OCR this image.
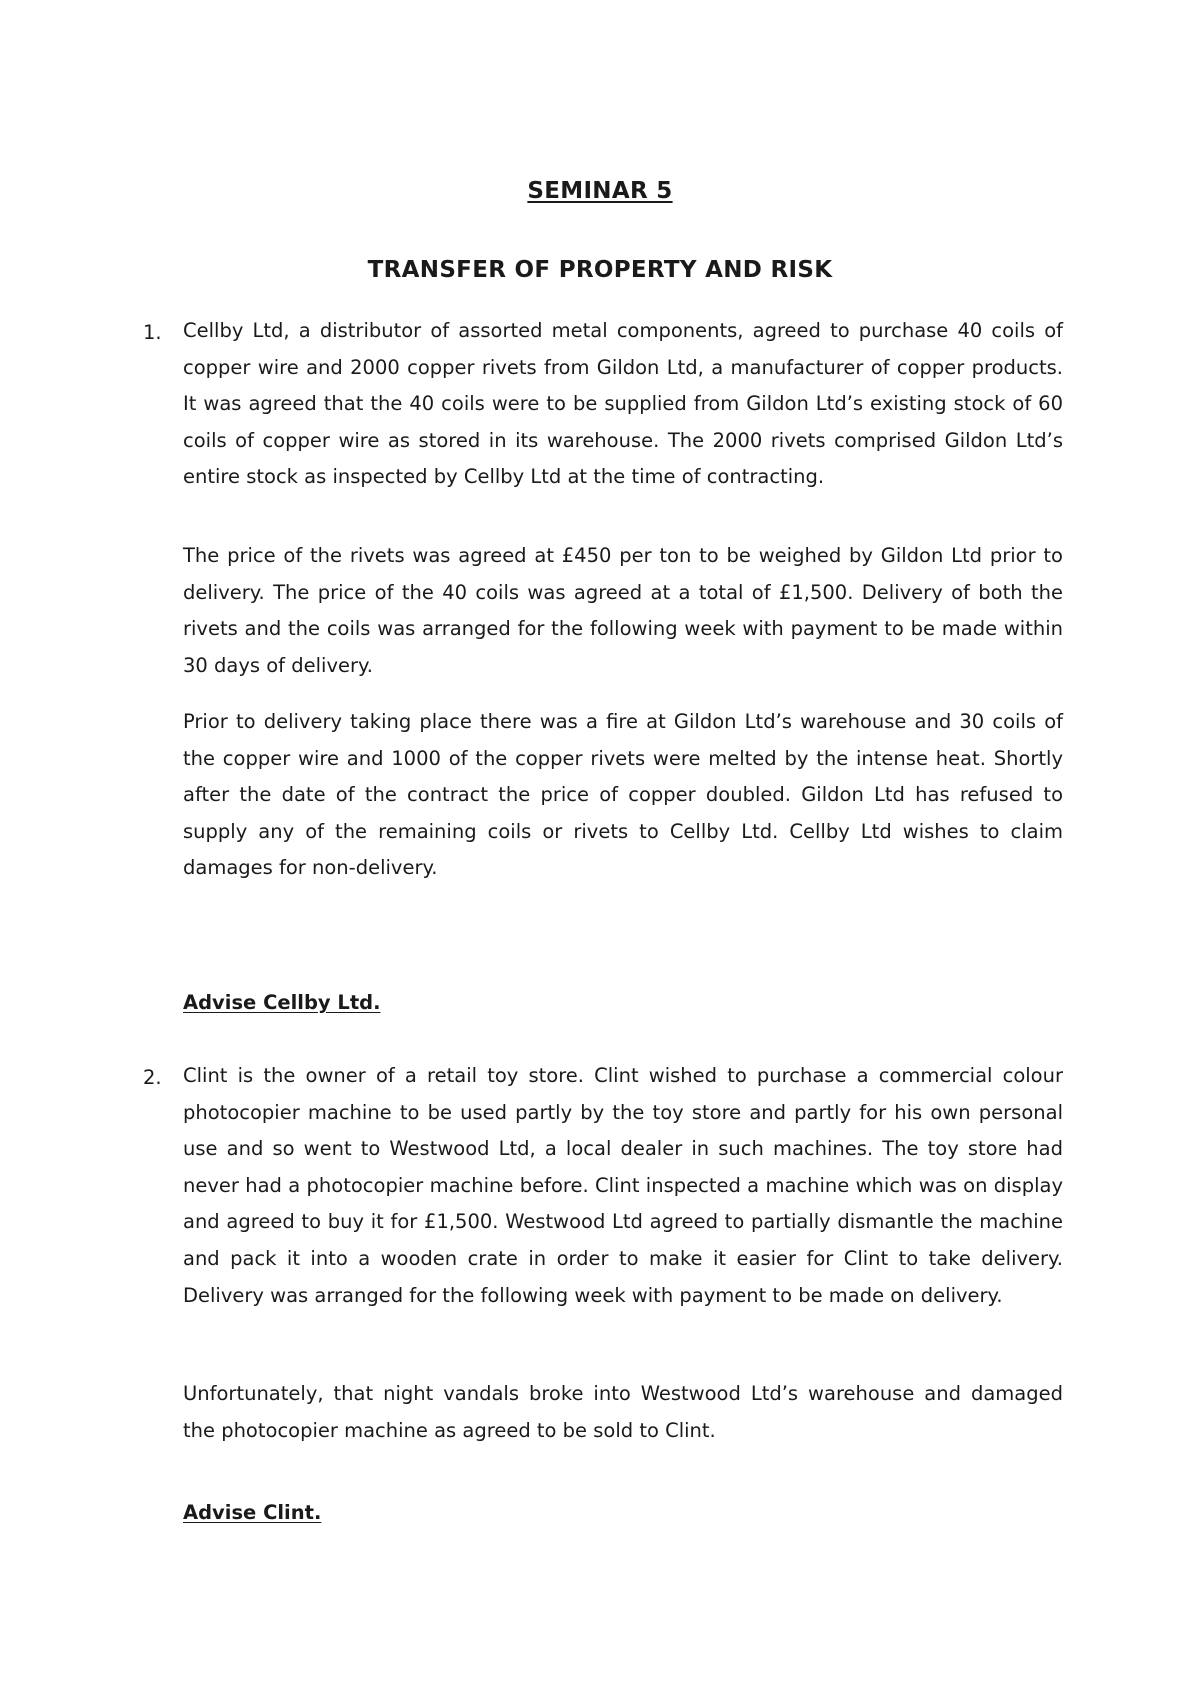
SEMINAR 5
TRANSFER OF PROPERTY AND RISK
1. Cellby Ltd, a distributor of assorted metal components, agreed to purchase 40 coils of copper wire and 2000 copper rivets from Gildon Ltd, a manufacturer of copper products. It was agreed that the 40 coils were to be supplied from Gildon Ltd’s existing stock of 60 coils of copper wire as stored in its warehouse. The 2000 rivets comprised Gildon Ltd’s entire stock as inspected by Cellby Ltd at the time of contracting.

The price of the rivets was agreed at £450 per ton to be weighed by Gildon Ltd prior to delivery. The price of the 40 coils was agreed at a total of £1,500. Delivery of both the rivets and the coils was arranged for the following week with payment to be made within 30 days of delivery.

Prior to delivery taking place there was a fire at Gildon Ltd’s warehouse and 30 coils of the copper wire and 1000 of the copper rivets were melted by the intense heat. Shortly after the date of the contract the price of copper doubled. Gildon Ltd has refused to supply any of the remaining coils or rivets to Cellby Ltd. Cellby Ltd wishes to claim damages for non-delivery.

Advise Cellby Ltd.
2. Clint is the owner of a retail toy store. Clint wished to purchase a commercial colour photocopier machine to be used partly by the toy store and partly for his own personal use and so went to Westwood Ltd, a local dealer in such machines. The toy store had never had a photocopier machine before. Clint inspected a machine which was on display and agreed to buy it for £1,500. Westwood Ltd agreed to partially dismantle the machine and pack it into a wooden crate in order to make it easier for Clint to take delivery. Delivery was arranged for the following week with payment to be made on delivery.

Unfortunately, that night vandals broke into Westwood Ltd’s warehouse and damaged the photocopier machine as agreed to be sold to Clint.

Advise Clint.
